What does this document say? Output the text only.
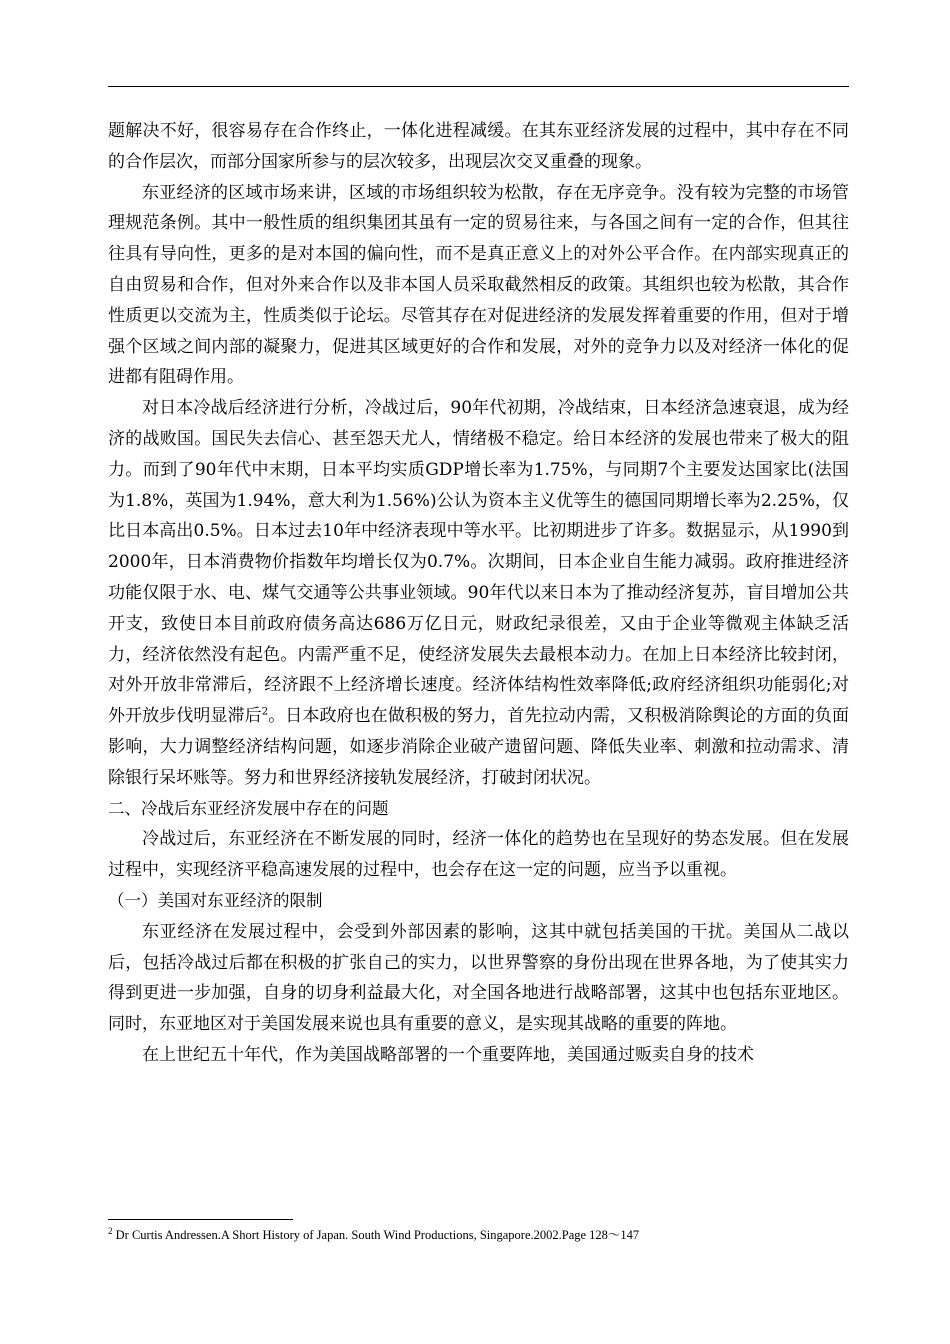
题解决不好，很容易存在合作终止，一体化进程减缓。在其东亚经济发展的过程中，其中存在不同的合作层次，而部分国家所参与的层次较多，出现层次交叉重叠的现象。

东亚经济的区域市场来讲，区域的市场组织较为松散，存在无序竞争。没有较为完整的市场管理规范条例。其中一般性质的组织集团其虽有一定的贸易往来，与各国之间有一定的合作，但其往往具有导向性，更多的是对本国的偏向性，而不是真正意义上的对外公平合作。在内部实现真正的自由贸易和合作，但对外来合作以及非本国人员采取截然相反的政策。其组织也较为松散，其合作性质更以交流为主，性质类似于论坛。尽管其存在对促进经济的发展发挥着重要的作用，但对于增强个区域之间内部的凝聚力，促进其区域更好的合作和发展，对外的竞争力以及对经济一体化的促进都有阻碍作用。

对日本冷战后经济进行分析，冷战过后，90年代初期，冷战结束，日本经济急速衰退，成为经济的战败国。国民失去信心、甚至怨天尤人，情绪极不稳定。给日本经济的发展也带来了极大的阻力。而到了90年代中末期，日本平均实质GDP增长率为1.75%，与同期7个主要发达国家比(法国为1.8%，英国为1.94%，意大利为1.56%)公认为资本主义优等生的德国同期增长率为2.25%，仅比日本高出0.5%。日本过去10年中经济表现中等水平。比初期进步了许多。数据显示，从1990到2000年，日本消费物价指数年均增长仅为0.7%。次期间，日本企业自生能力减弱。政府推进经济功能仅限于水、电、煤气交通等公共事业领域。90年代以来日本为了推动经济复苏，盲目增加公共开支，致使日本目前政府债务高达686万亿日元，财政纪录很差，又由于企业等微观主体缺乏活力，经济依然没有起色。内需严重不足，使经济发展失去最根本动力。在加上日本经济比较封闭，对外开放非常滞后，经济跟不上经济增长速度。经济体结构性效率降低;政府经济组织功能弱化;对外开放步伐明显滞后$^2$。日本政府也在做积极的努力，首先拉动内需，又积极消除舆论的方面的负面影响，大力调整经济结构问题，如逐步消除企业破产遗留问题、降低失业率、刺激和拉动需求、清除银行呆坏账等。努力和世界经济接轨发展经济，打破封闭状况。

二、冷战后东亚经济发展中存在的问题

冷战过后，东亚经济在不断发展的同时，经济一体化的趋势也在呈现好的势态发展。但在发展过程中，实现经济平稳高速发展的过程中，也会存在这一定的问题，应当予以重视。

（一）美国对东亚经济的限制

东亚经济在发展过程中，会受到外部因素的影响，这其中就包括美国的干扰。美国从二战以后，包括冷战过后都在积极的扩张自己的实力，以世界警察的身份出现在世界各地，为了使其实力得到更进一步加强，自身的切身利益最大化，对全国各地进行战略部署，这其中也包括东亚地区。同时，东亚地区对于美国发展来说也具有重要的意义，是实现其战略的重要的阵地。

在上世纪五十年代，作为美国战略部署的一个重要阵地，美国通过贩卖自身的技术

$^2$ Dr Curtis Andressen.A Short History of Japan. South Wind Productions, Singapore.2002.Page 128～147
